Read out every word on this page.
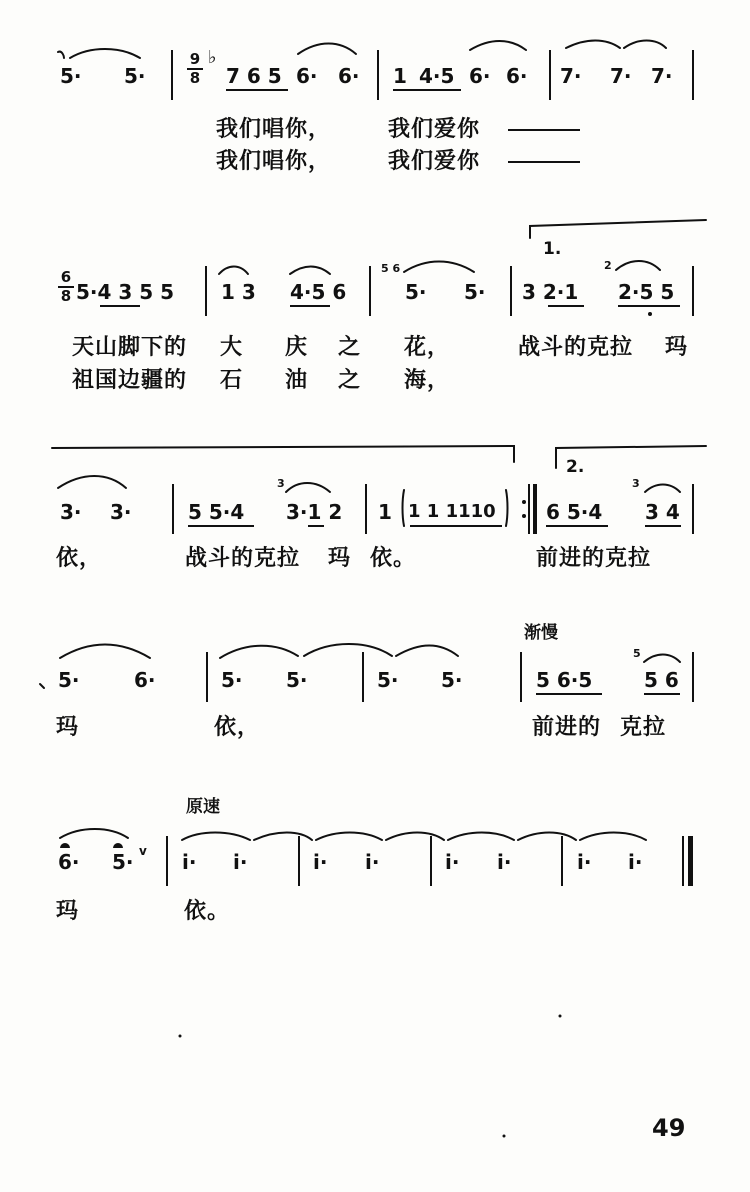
5· 5·
9
8
♭
7 6 5 6· 6· 1 4·5 6· 6· 7· 7· 7·
我们唱你，	我们爱你
我们唱你，	我们爱你
6
8 5·4 3 5 5 1 3 4·5 6
5 6
5· 5·
1.
3 2·1
2
2·5 5
天山脚下的 大 庆 之 花，	战斗的克拉 玛
祖国边疆的 石 油 之 海，
3· 3·	5 5·4
3
3·1 2 1 1 1 1110
2.
6 5·4
3
3 4
依，	战斗的克拉 玛 依。	前进的克拉
渐慢
5·	6·	5· 5·	5· 5·	5 6·5
5
5 6
玛	依，	前进的 克拉
原速
6· 5· v i· i·	i· i·	i· i·	i· i·
玛	依。
49
